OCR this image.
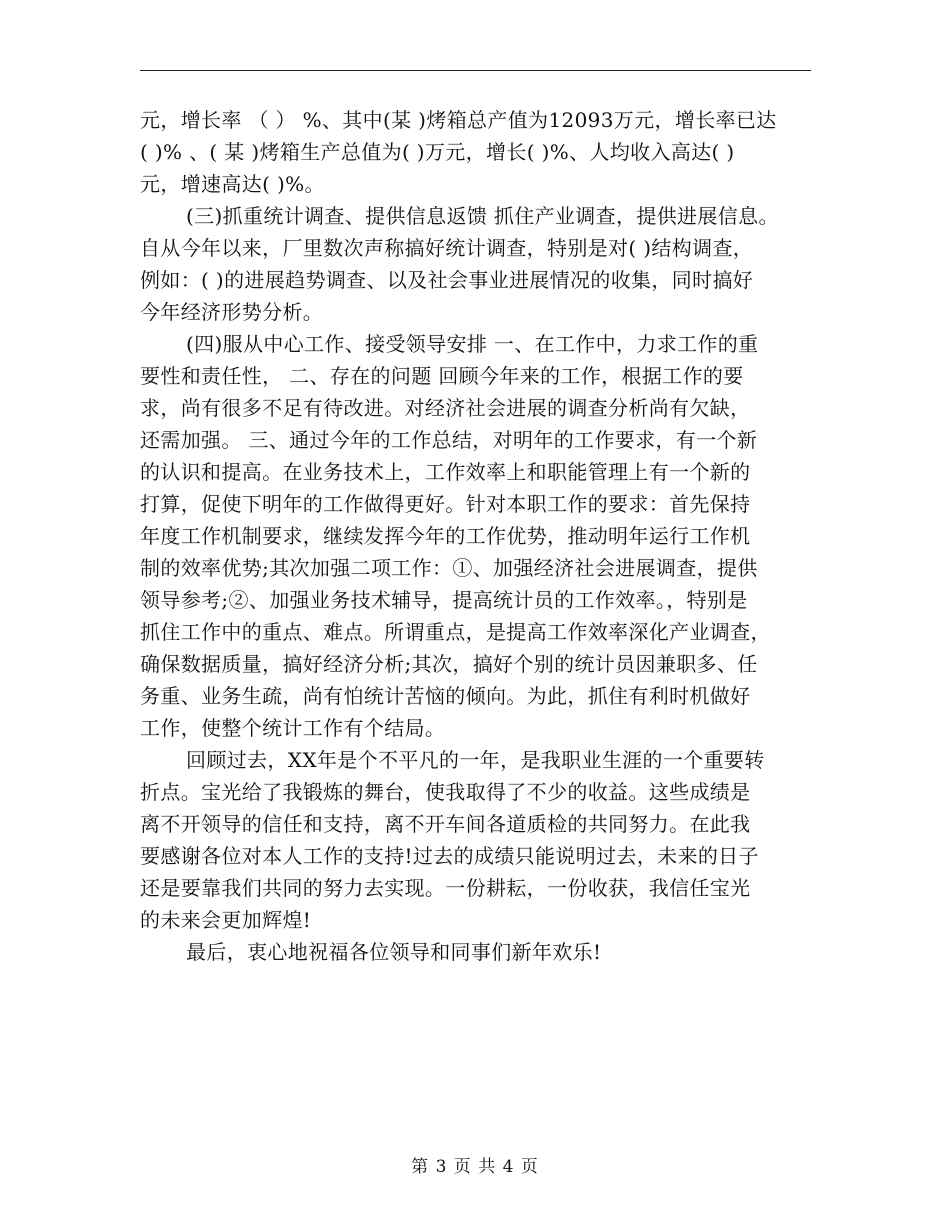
元，增长率 （ ） %、其中(某 )烤箱总产值为12093万元，增长率已达
( )% 、( 某 )烤箱生产总值为( )万元，增长( )%、人均收入高达( )
元，增速高达( )%。
(三)抓重统计调查、提供信息返馈 抓住产业调查，提供进展信息。
自从今年以来，厂里数次声称搞好统计调查，特别是对( )结构调查，
例如：( )的进展趋势调查、以及社会事业进展情况的收集，同时搞好
今年经济形势分析。
(四)服从中心工作、接受领导安排 一、在工作中，力求工作的重
要性和责任性， 二、存在的问题 回顾今年来的工作，根据工作的要
求，尚有很多不足有待改进。对经济社会进展的调查分析尚有欠缺，
还需加强。 三、通过今年的工作总结，对明年的工作要求，有一个新
的认识和提高。在业务技术上，工作效率上和职能管理上有一个新的
打算，促使下明年的工作做得更好。针对本职工作的要求：首先保持
年度工作机制要求，继续发挥今年的工作优势，推动明年运行工作机
制的效率优势;其次加强二项工作：①、加强经济社会进展调查，提供
领导参考;②、加强业务技术辅导，提高统计员的工作效率。，特别是
抓住工作中的重点、难点。所谓重点，是提高工作效率深化产业调查，
确保数据质量，搞好经济分析;其次，搞好个别的统计员因兼职多、任
务重、业务生疏，尚有怕统计苦恼的倾向。为此，抓住有利时机做好
工作，使整个统计工作有个结局。
回顾过去，XX年是个不平凡的一年，是我职业生涯的一个重要转
折点。宝光给了我锻炼的舞台，使我取得了不少的收益。这些成绩是
离不开领导的信任和支持，离不开车间各道质检的共同努力。在此我
要感谢各位对本人工作的支持!过去的成绩只能说明过去，未来的日子
还是要靠我们共同的努力去实现。一份耕耘，一份收获，我信任宝光
的未来会更加辉煌!
最后，衷心地祝福各位领导和同事们新年欢乐!
第 3 页 共 4 页
